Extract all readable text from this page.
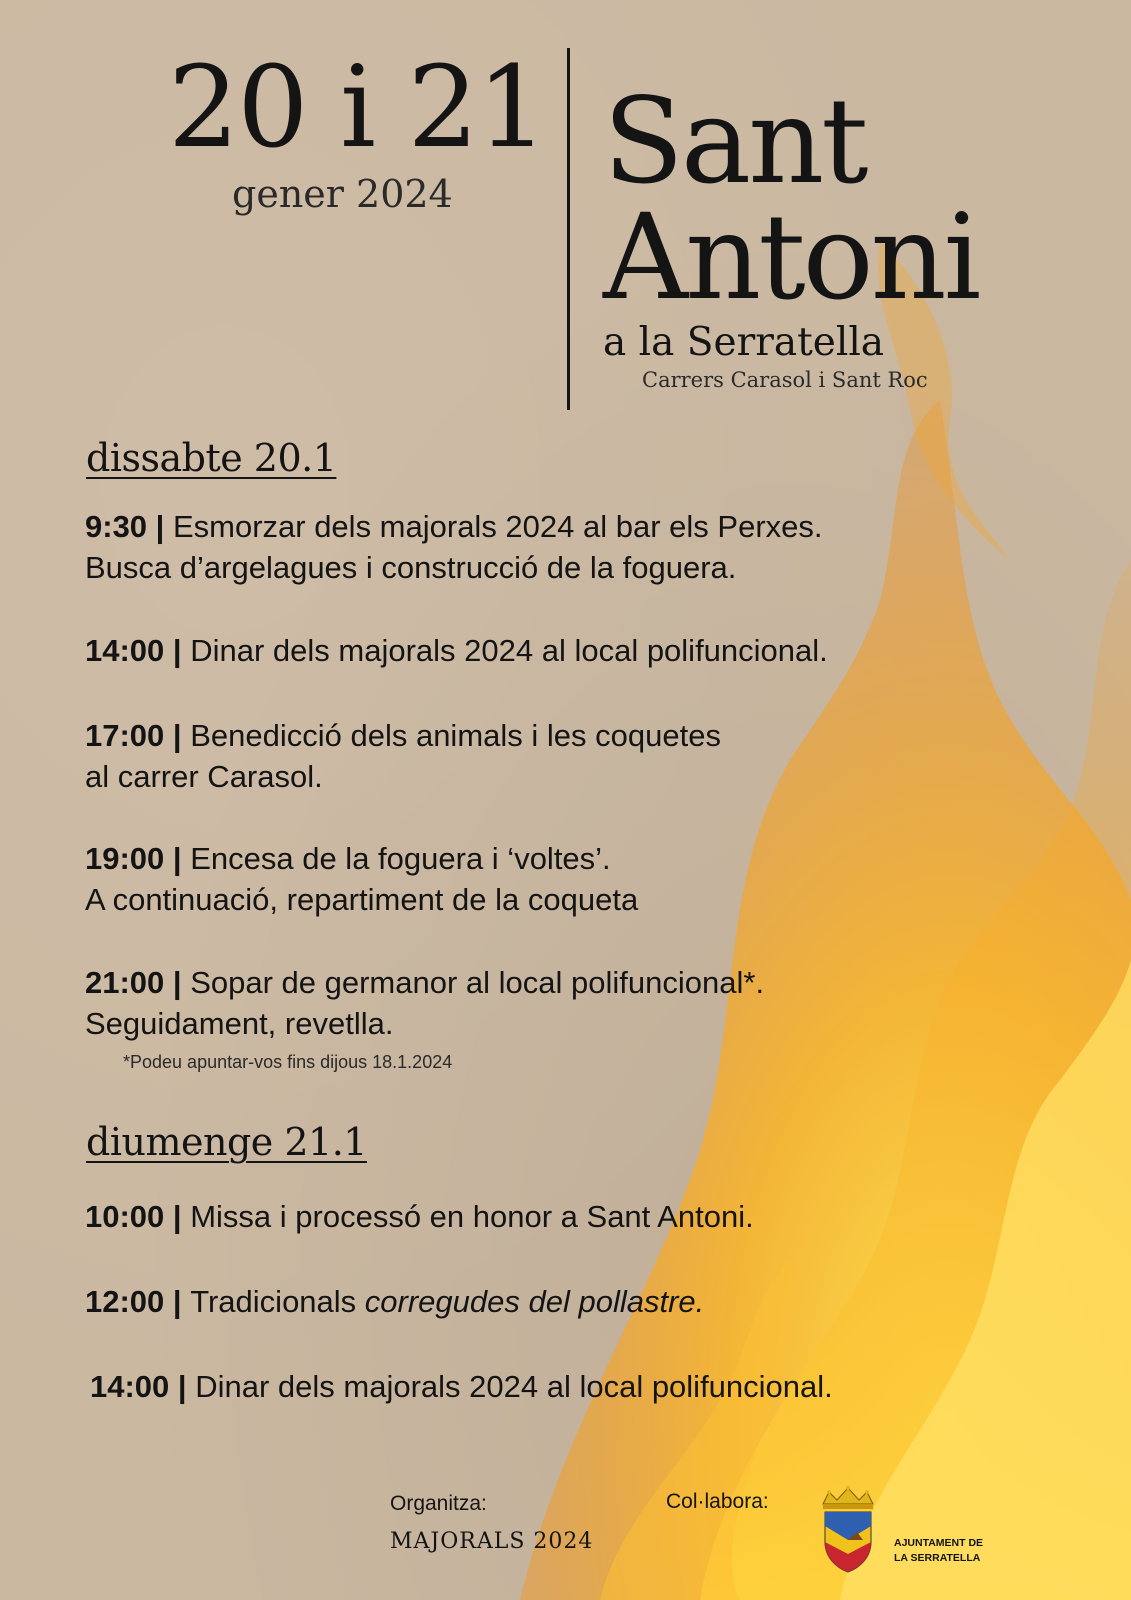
20 i 21
gener 2024 Sant
Antoni
a la Serratella
Carrers Carasol i Sant Roc
dissabte 20.1
9:30 | Esmorzar dels majorals 2024 al bar els Perxes.
Busca d’argelagues i construcció de la foguera.
14:00 | Dinar dels majorals 2024 al local polifuncional.
17:00 | Benedicció dels animals i les coquetes
al carrer Carasol.
19:00 | Encesa de la foguera i ‘voltes’.
A continuació, repartiment de la coqueta
21:00 | Sopar de germanor al local polifuncional*.
Seguidament, revetlla.
*Podeu apuntar-vos fins dijous 18.1.2024
diumenge 21.1
10:00 | Missa i processó en honor a Sant Antoni.
12:00 | Tradicionals corregudes del pollastre.
14:00 | Dinar dels majorals 2024 al local polifuncional.
Organitza:
MAJORALS 2024
Col·labora:
AJUNTAMENT DE
LA SERRATELLA
